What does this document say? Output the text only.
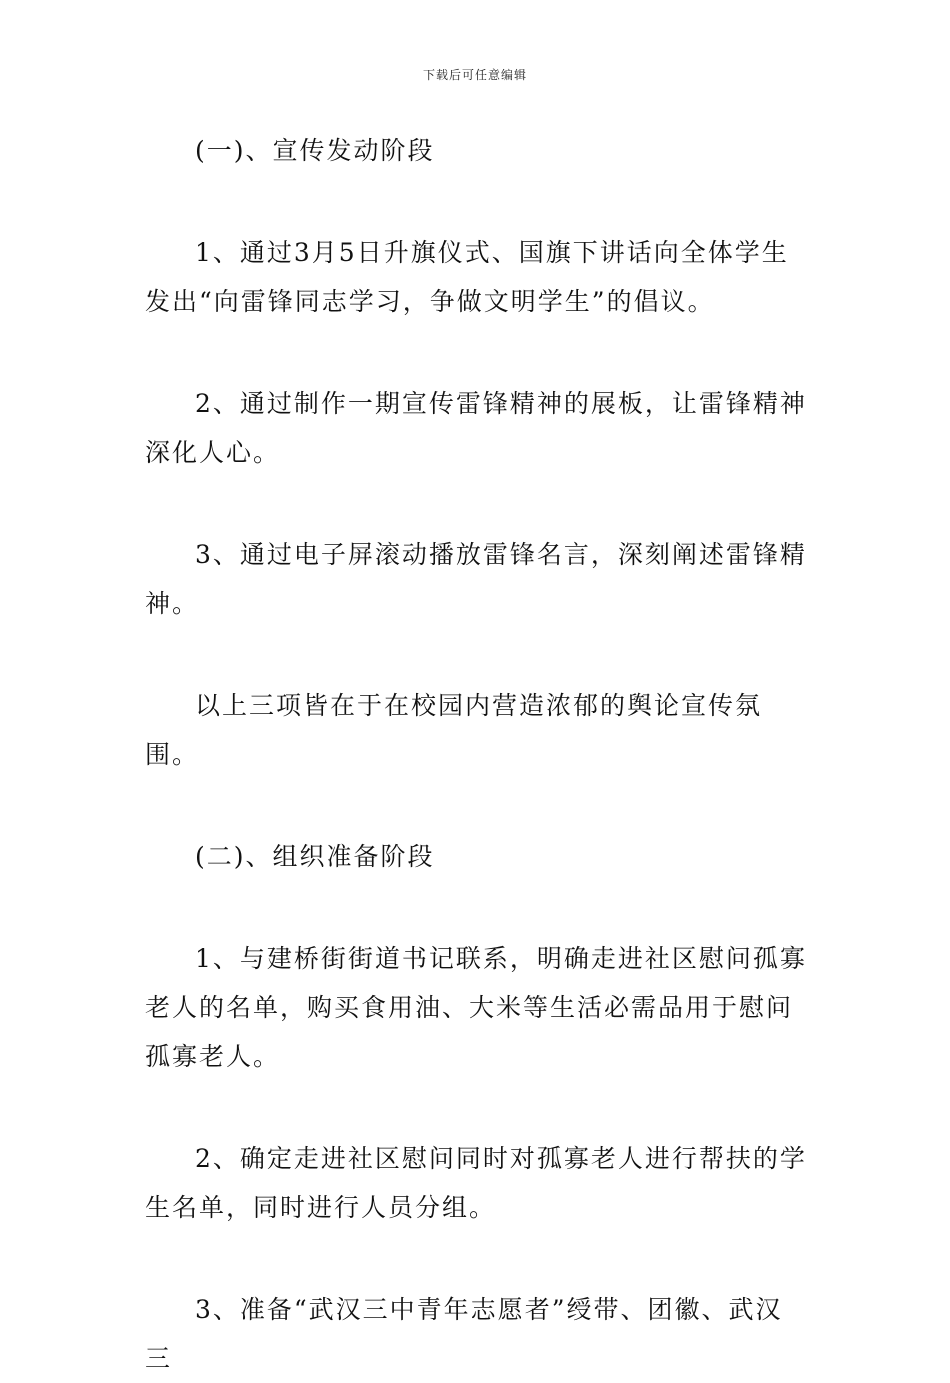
下载后可任意编辑

(一)、宣传发动阶段

1、通过3月5日升旗仪式、国旗下讲话向全体学生发出“向雷锋同志学习，争做文明学生”的倡议。

2、通过制作一期宣传雷锋精神的展板，让雷锋精神深化人心。

3、通过电子屏滚动播放雷锋名言，深刻阐述雷锋精神。

以上三项皆在于在校园内营造浓郁的舆论宣传氛围。

(二)、组织准备阶段

1、与建桥街街道书记联系，明确走进社区慰问孤寡老人的名单，购买食用油、大米等生活必需品用于慰问孤寡老人。

2、确定走进社区慰问同时对孤寡老人进行帮扶的学生名单，同时进行人员分组。

3、准备“武汉三中青年志愿者”绶带、团徽、武汉三
